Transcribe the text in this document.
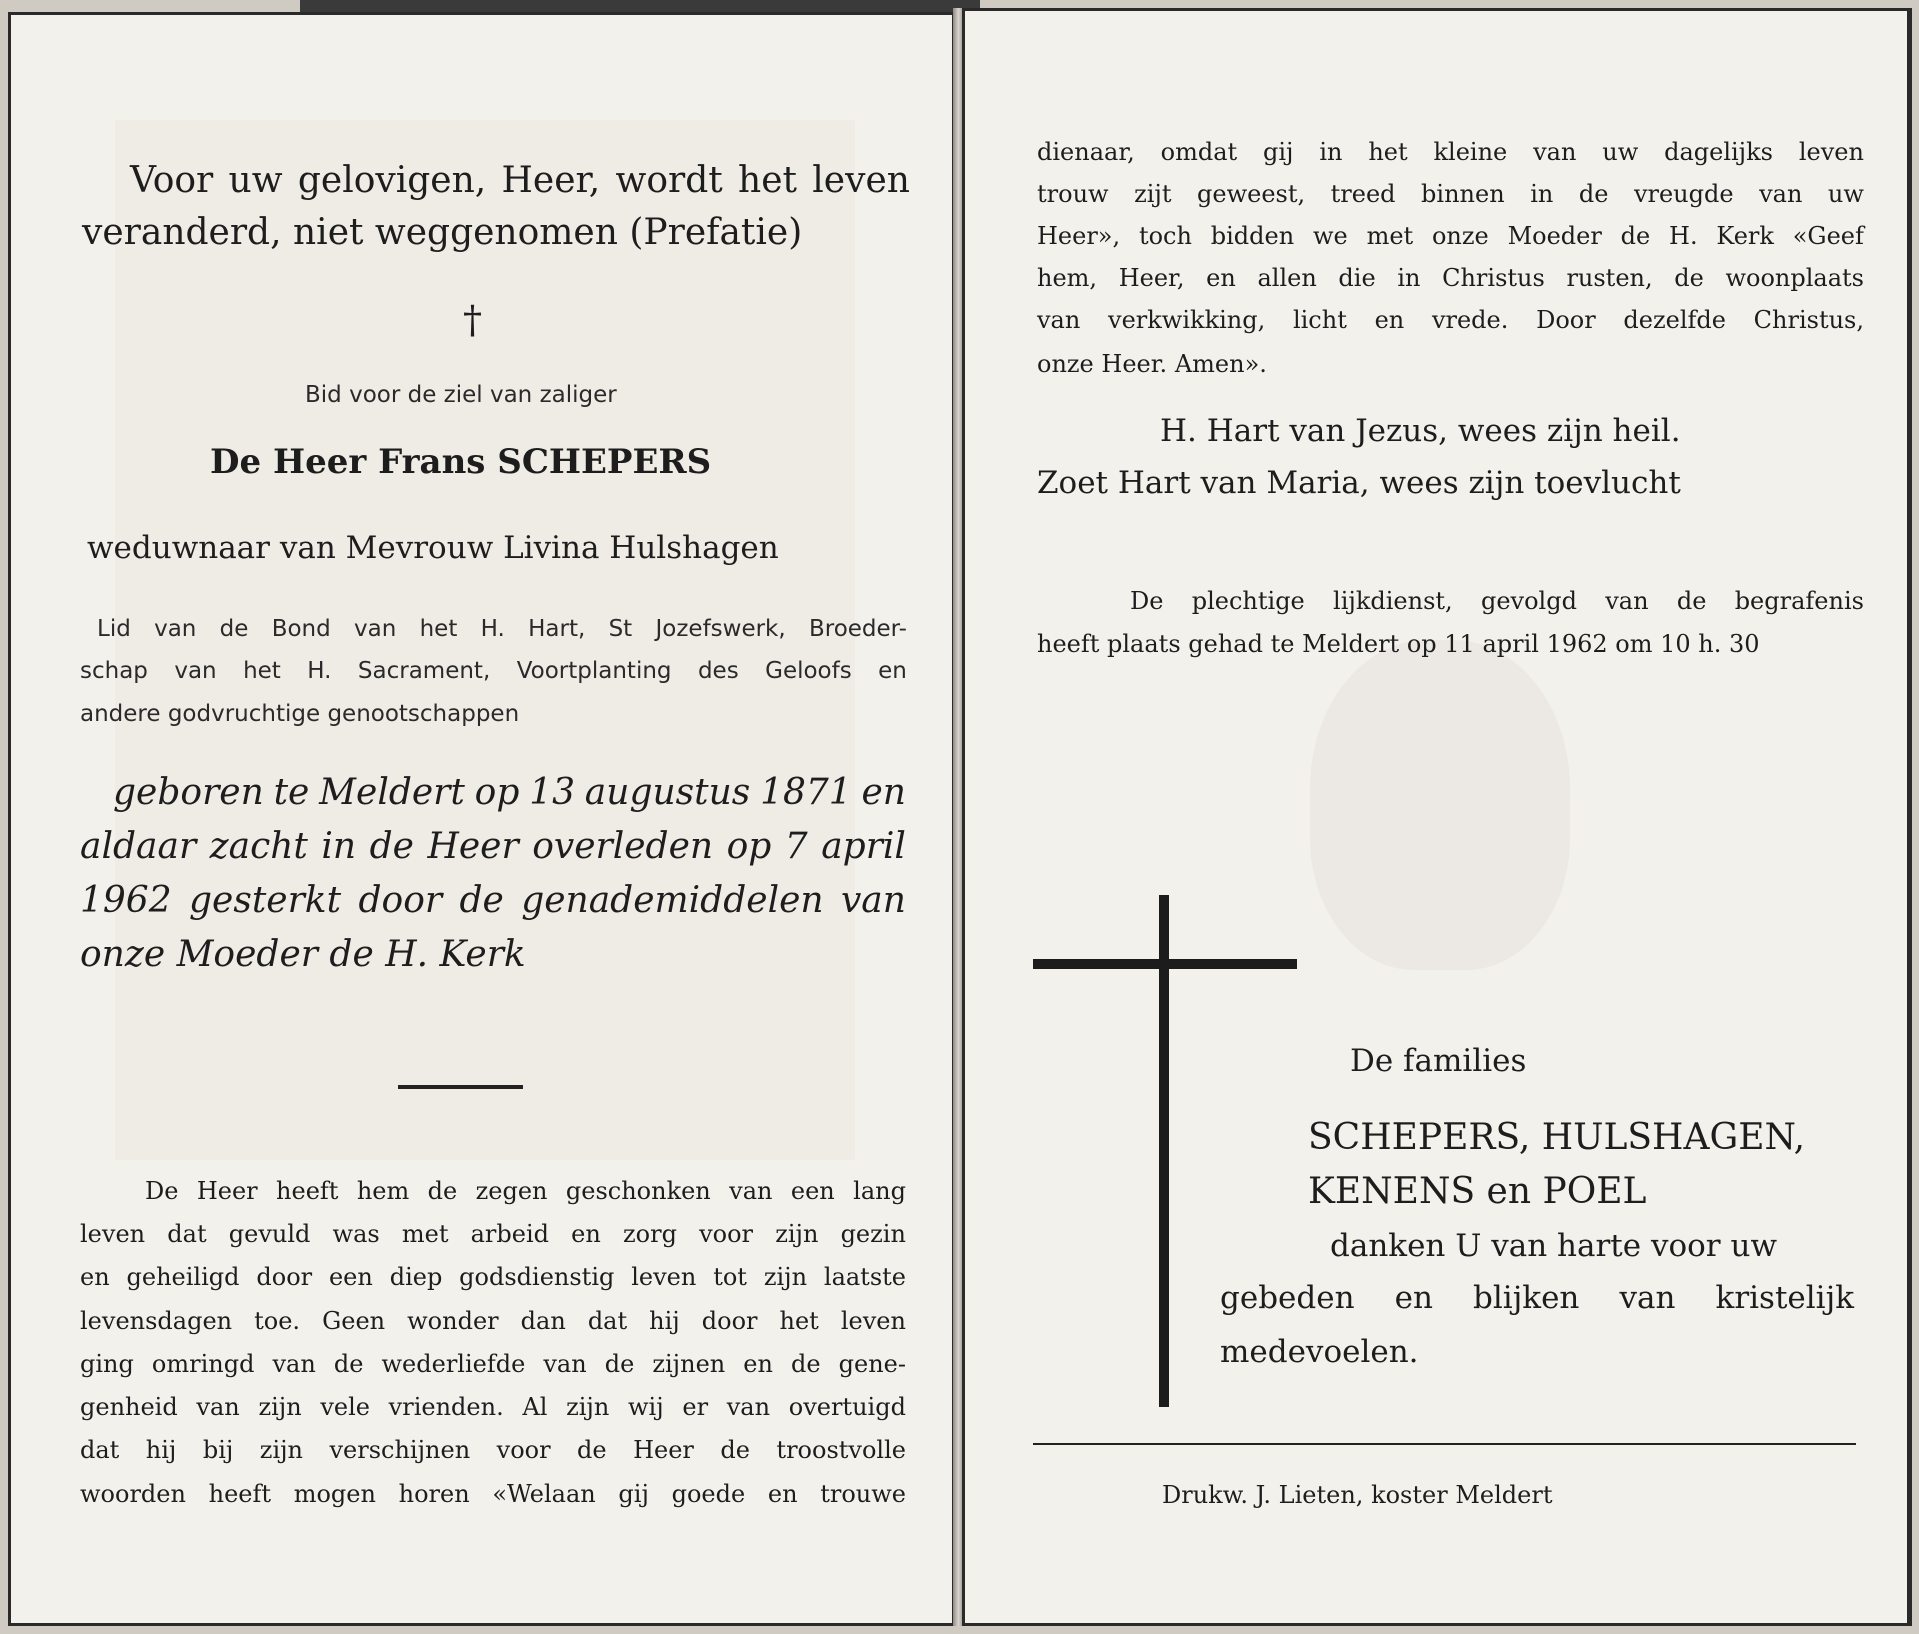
Voor uw gelovigen, Heer, wordt het leven
veranderd, niet weggenomen (Prefatie)
†
Bid voor de ziel van zaliger
De Heer Frans SCHEPERS
weduwnaar van Mevrouw Livina Hulshagen
Lid van de Bond van het H. Hart, St Jozefswerk, Broeder-
schap van het H. Sacrament, Voortplanting des Geloofs en
andere godvruchtige genootschappen
geboren te Meldert op 13 augustus 1871 en
aldaar zacht in de Heer overleden op 7 april
1962 gesterkt door de genademiddelen van
onze Moeder de H. Kerk
De Heer heeft hem de zegen geschonken van een lang
leven dat gevuld was met arbeid en zorg voor zijn gezin
en geheiligd door een diep godsdienstig leven tot zijn laatste
levensdagen toe. Geen wonder dan dat hij door het leven
ging omringd van de wederliefde van de zijnen en de gene-
genheid van zijn vele vrienden. Al zijn wij er van overtuigd
dat hij bij zijn verschijnen voor de Heer de troostvolle
woorden heeft mogen horen «Welaan gij goede en trouwe
dienaar, omdat gij in het kleine van uw dagelijks leven
trouw zijt geweest, treed binnen in de vreugde van uw
Heer», toch bidden we met onze Moeder de H. Kerk «Geef
hem, Heer, en allen die in Christus rusten, de woonplaats
van verkwikking, licht en vrede. Door dezelfde Christus,
onze Heer. Amen».
H. Hart van Jezus, wees zijn heil.
Zoet Hart van Maria, wees zijn toevlucht
De plechtige lijkdienst, gevolgd van de begrafenis
heeft plaats gehad te Meldert op 11 april 1962 om 10 h. 30
De families
SCHEPERS, HULSHAGEN,
KENENS en POEL
danken U van harte voor uw
gebeden en blijken van kristelijk
medevoelen.
Drukw. J. Lieten, koster Meldert
